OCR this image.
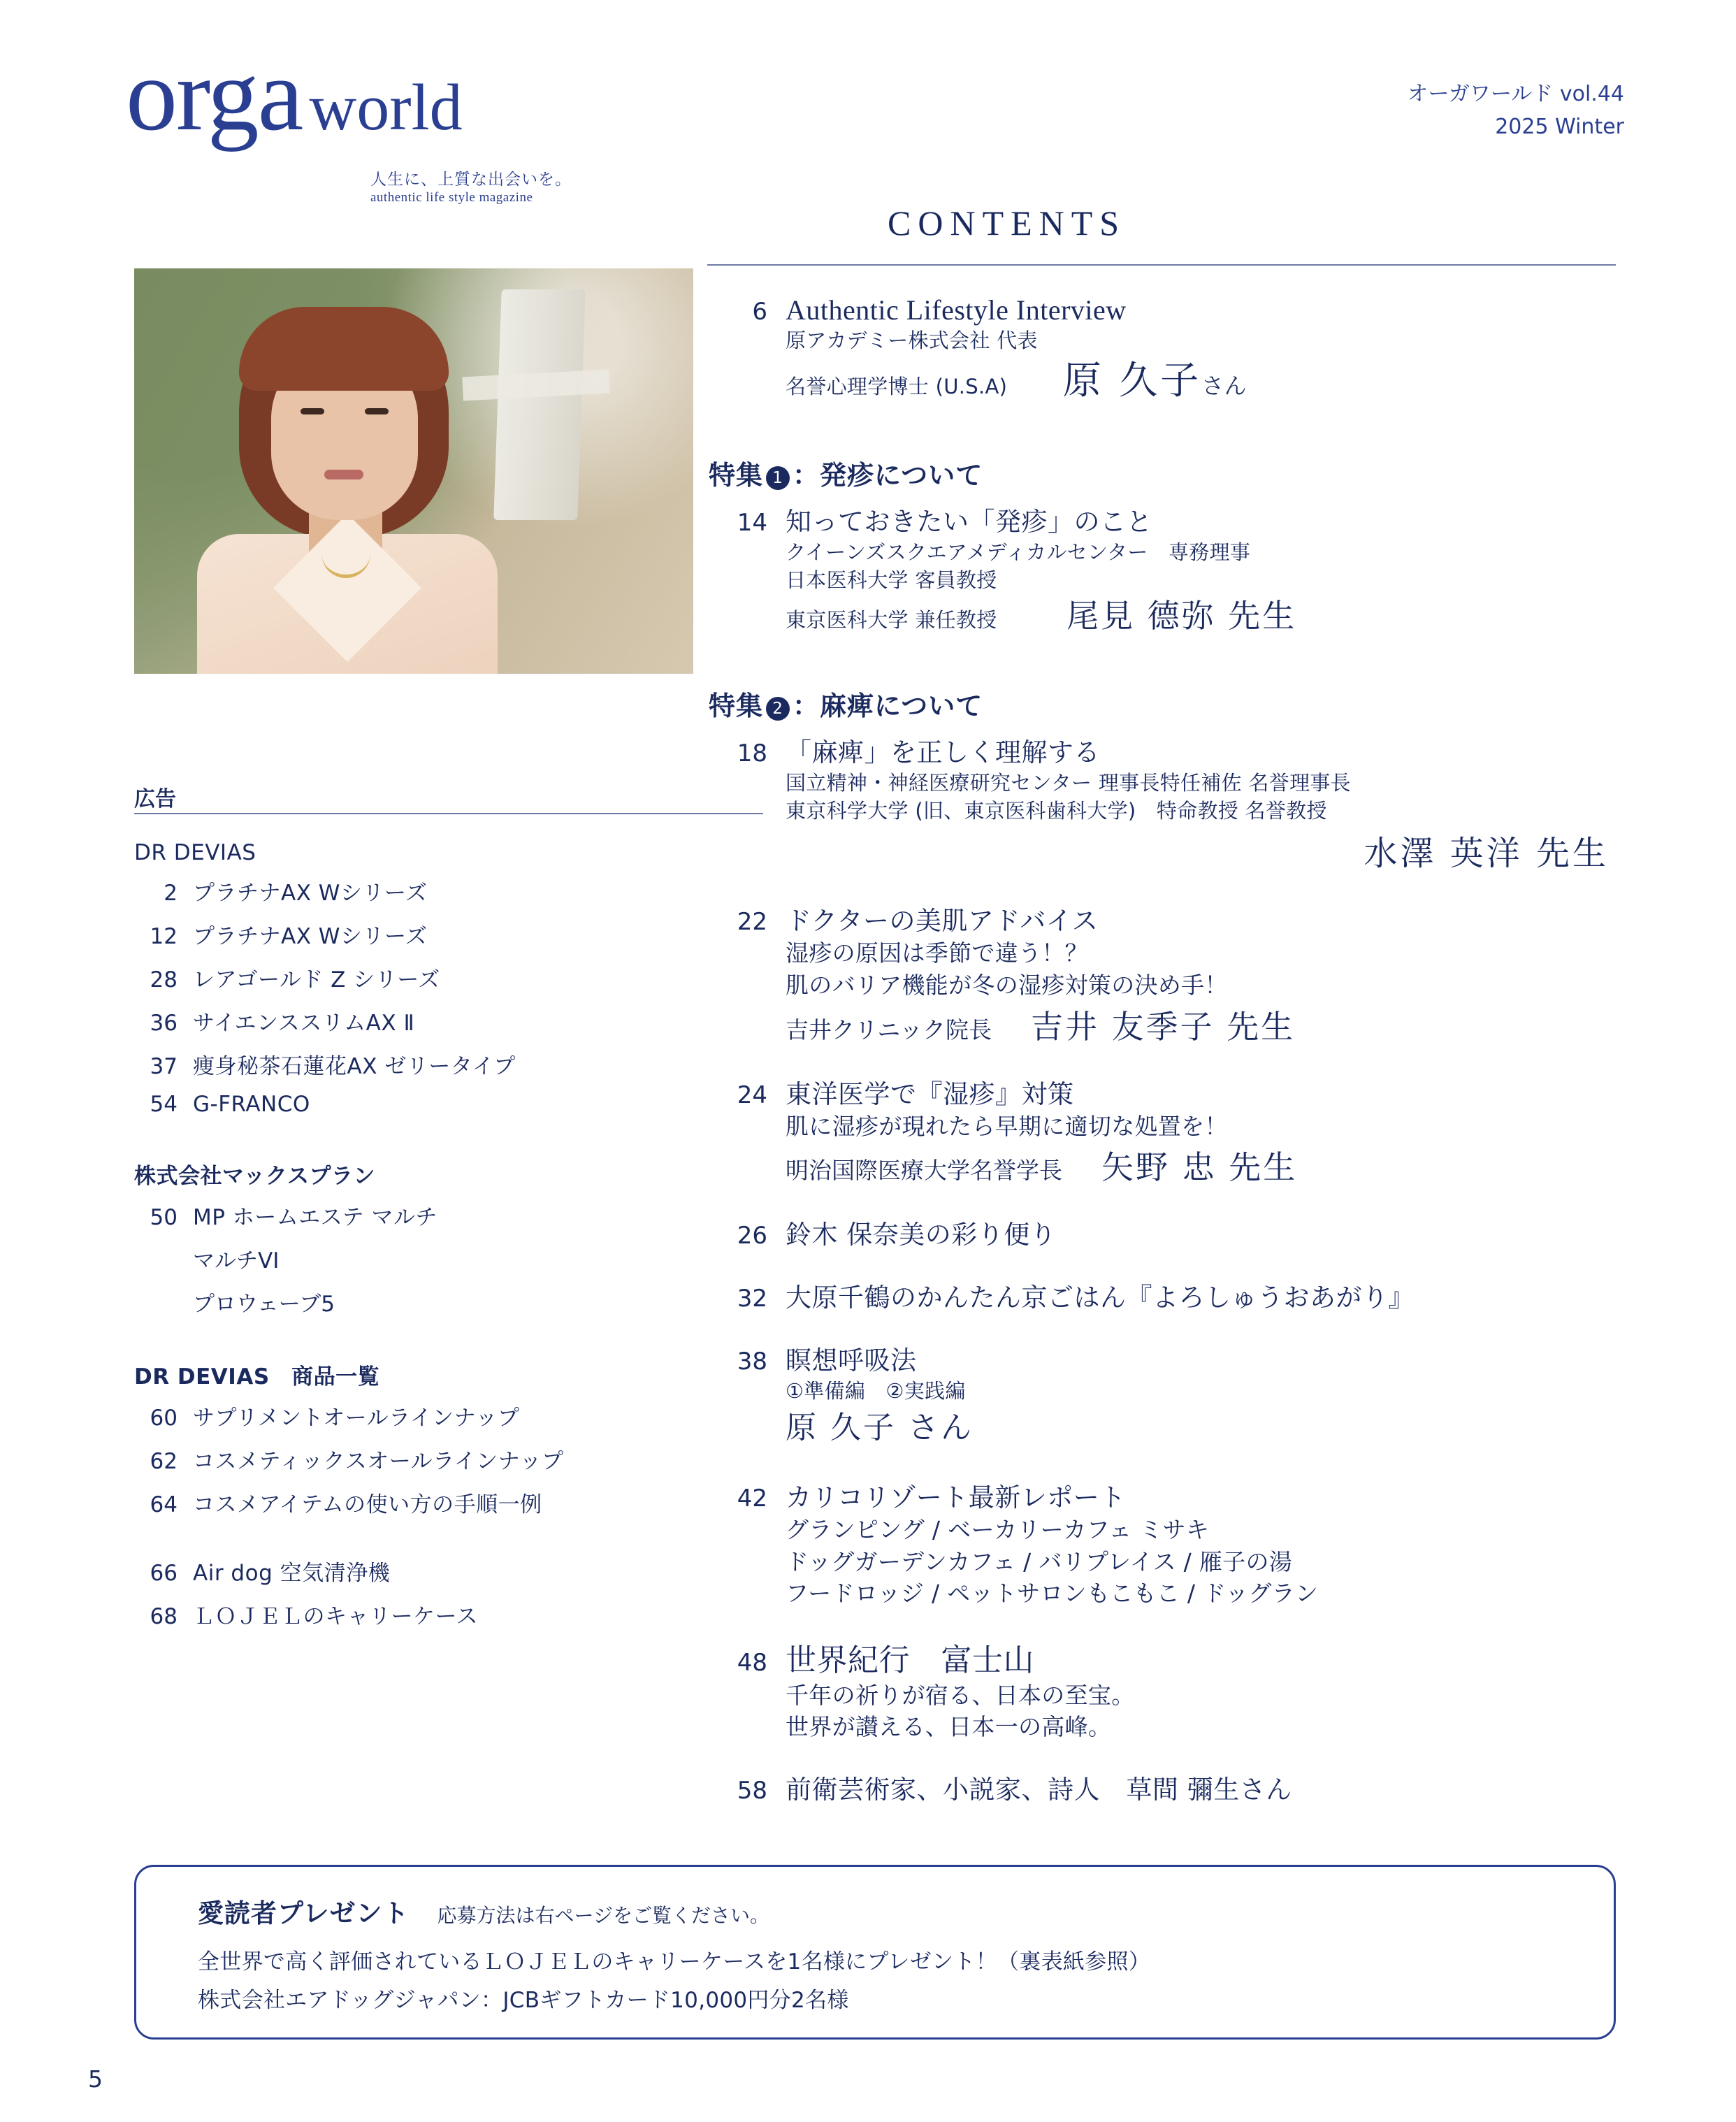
orga world
人生に、上質な出会いを。
authentic life style magazine
オーガワールド vol.44
2025 Winter
広告
DR DEVIAS
2 プラチナAX Wシリーズ
12 プラチナAX Wシリーズ
28 レアゴールド Z シリーズ
36 サイエンススリムAX Ⅱ
37 痩身秘茶石蓮花AX ゼリータイプ
54 G-FRANCO
株式会社マックスプラン
50 MP ホームエステ マルチ
マルチVI
プロウェーブ5
DR DEVIAS　商品一覧
60 サプリメントオールラインナップ
62 コスメティックスオールラインナップ
64 コスメアイテムの使い方の手順一例
66 Air dog 空気清浄機
68 ＬＯＪＥＬのキャリーケース
CONTENTS
6 Authentic Lifestyle Interview
原アカデミー株式会社 代表
名誉心理学博士 (U.S.A) 原 久子さん
特集 1 ：発疹について
14 知っておきたい「発疹」のこと
クイーンズスクエアメディカルセンター　専務理事
日本医科大学 客員教授
東京医科大学 兼任教授 尾見 德弥 先生
特集 2 ：麻痺について
18 「麻痺」を正しく理解する
国立精神・神経医療研究センター 理事長特任補佐 名誉理事長
東京科学大学 (旧、東京医科歯科大学)　特命教授 名誉教授
水澤 英洋 先生
22 ドクターの美肌アドバイス
湿疹の原因は季節で違う！？
肌のバリア機能が冬の湿疹対策の決め手！
吉井クリニック院長 吉井 友季子 先生
24 東洋医学で『湿疹』対策
肌に湿疹が現れたら早期に適切な処置を！
明治国際医療大学名誉学長 矢野 忠 先生
26 鈴木 保奈美の彩り便り
32 大原千鶴のかんたん京ごはん『よろしゅうおあがり』
38 瞑想呼吸法
①準備編　②実践編
原 久子 さん
42 カリコリゾート最新レポート
グランピング / ベーカリーカフェ ミサキ
ドッグガーデンカフェ / バリプレイス / 雁子の湯
フードロッジ / ペットサロンもこもこ / ドッグラン
48 世界紀行　富士山
千年の祈りが宿る、日本の至宝。
世界が讃える、日本一の高峰。
58 前衛芸術家、小説家、詩人　草間 彌生さん
愛読者プレゼント 応募方法は右ページをご覧ください。
全世界で高く評価されているＬＯＪＥＬのキャリーケースを1名様にプレゼント！（裏表紙参照）
株式会社エアドッグジャパン：JCBギフトカード10,000円分2名様
5
